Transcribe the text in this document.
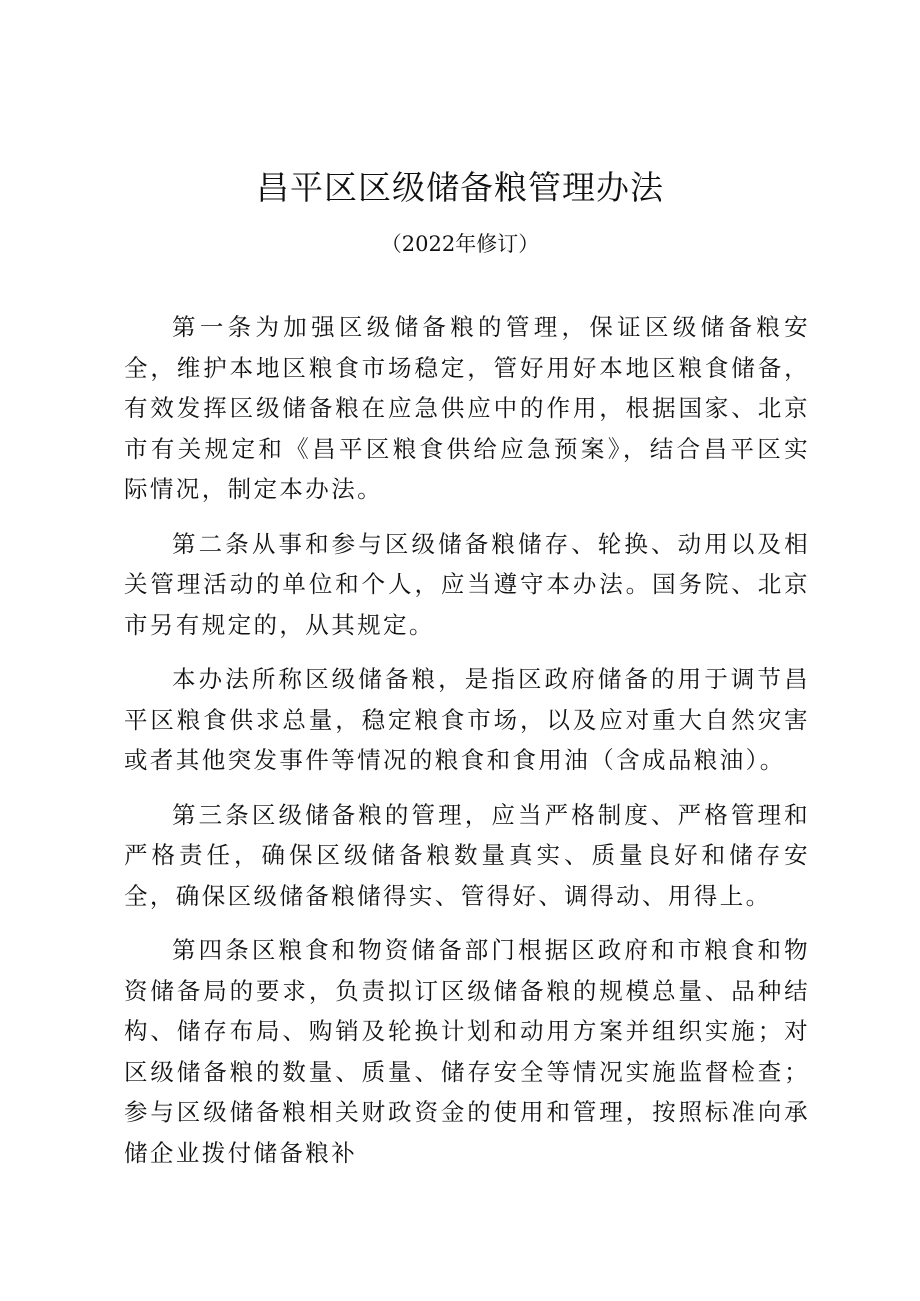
昌平区区级储备粮管理办法
（2022年修订）

第一条为加强区级储备粮的管理，保证区级储备粮安全，维护本地区粮食市场稳定，管好用好本地区粮食储备，有效发挥区级储备粮在应急供应中的作用，根据国家、北京市有关规定和《昌平区粮食供给应急预案》，结合昌平区实际情况，制定本办法。

第二条从事和参与区级储备粮储存、轮换、动用以及相关管理活动的单位和个人，应当遵守本办法。国务院、北京市另有规定的，从其规定。

本办法所称区级储备粮，是指区政府储备的用于调节昌平区粮食供求总量，稳定粮食市场，以及应对重大自然灾害或者其他突发事件等情况的粮食和食用油（含成品粮油）。

第三条区级储备粮的管理，应当严格制度、严格管理和严格责任，确保区级储备粮数量真实、质量良好和储存安全，确保区级储备粮储得实、管得好、调得动、用得上。

第四条区粮食和物资储备部门根据区政府和市粮食和物资储备局的要求，负责拟订区级储备粮的规模总量、品种结构、储存布局、购销及轮换计划和动用方案并组织实施；对区级储备粮的数量、质量、储存安全等情况实施监督检查；参与区级储备粮相关财政资金的使用和管理，按照标准向承储企业拨付储备粮补
